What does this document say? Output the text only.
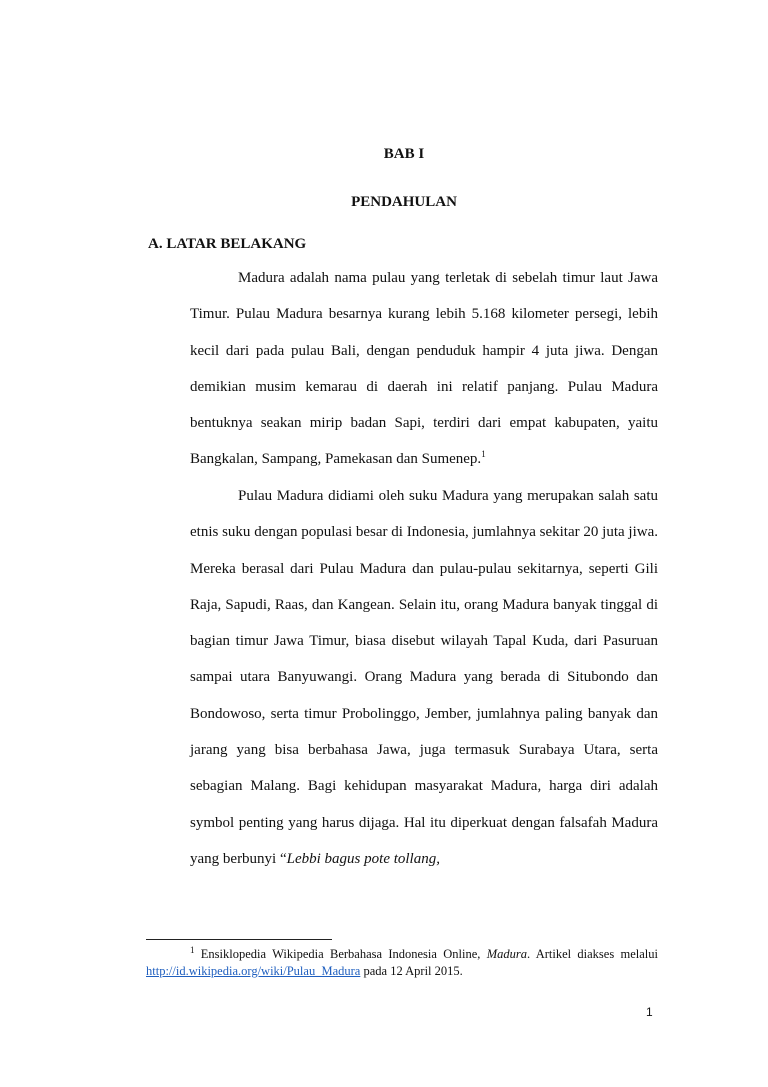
BAB I
PENDAHULAN
A. LATAR BELAKANG

Madura adalah nama pulau yang terletak di sebelah timur laut Jawa Timur. Pulau Madura besarnya kurang lebih 5.168 kilometer persegi, lebih kecil dari pada pulau Bali, dengan penduduk hampir 4 juta jiwa. Dengan demikian musim kemarau di daerah ini relatif panjang. Pulau Madura bentuknya seakan mirip badan Sapi, terdiri dari empat kabupaten, yaitu Bangkalan, Sampang, Pamekasan dan Sumenep.$^1$

Pulau Madura didiami oleh suku Madura yang merupakan salah satu etnis suku dengan populasi besar di Indonesia, jumlahnya sekitar 20 juta jiwa. Mereka berasal dari Pulau Madura dan pulau-pulau sekitarnya, seperti Gili Raja, Sapudi, Raas, dan Kangean. Selain itu, orang Madura banyak tinggal di bagian timur Jawa Timur, biasa disebut wilayah Tapal Kuda, dari Pasuruan sampai utara Banyuwangi. Orang Madura yang berada di Situbondo dan Bondowoso, serta timur Probolinggo, Jember, jumlahnya paling banyak dan jarang yang bisa berbahasa Jawa, juga termasuk Surabaya Utara, serta sebagian Malang. Bagi kehidupan masyarakat Madura, harga diri adalah symbol penting yang harus dijaga. Hal itu diperkuat dengan falsafah Madura yang berbunyi “Lebbi bagus pote tollang,

$^1$ Ensiklopedia Wikipedia Berbahasa Indonesia Online, Madura. Artikel diakses melalui http://id.wikipedia.org/wiki/Pulau_Madura pada 12 April 2015.

1
